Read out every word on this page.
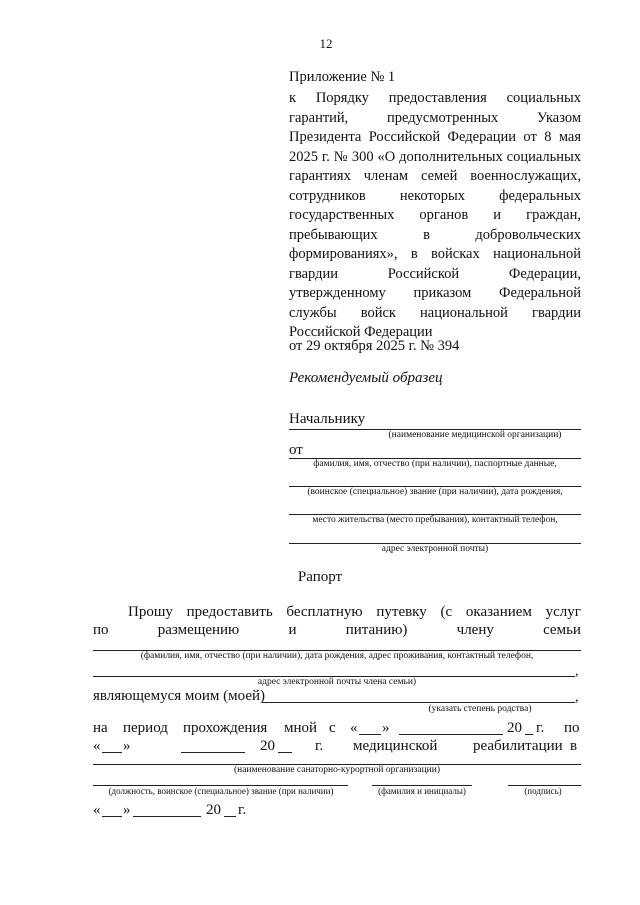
12
Приложение № 1
к Порядку предоставления социальных гарантий, предусмотренных Указом Президента Российской Федерации от 8 мая 2025 г. № 300 «О дополнительных социальных гарантиях членам семей военнослужащих, сотрудников некоторых федеральных государственных органов и граждан, пребывающих в добровольческих формированиях», в войсках национальной гвардии Российской Федерации, утвержденному приказом Федеральной службы войск национальной гвардии Российской Федерации
от 29 октября 2025 г. № 394
Рекомендуемый образец
Начальнику
(наименование медицинской организации)
от
фамилия, имя, отчество (при наличии), паспортные данные,
(воинское (специальное) звание (при наличии), дата рождения,
место жительства (место пребывания), контактный телефон,
адрес электронной почты)
Рапорт
Прошу предоставить бесплатную путевку (с оказанием услуг
по	размещению	и	питанию)	члену	семьи
(фамилия, имя, отчество (при наличии), дата рождения, адрес проживания, контактный телефон,
,
адрес электронной почты члена семьи)
являющемуся моим (моей)	,
(указать степень родства)
на период прохождения мной с « »	20 г. по
« »	20	г. медицинской реабилитации в
(наименование санаторно-курортной организации)
(должность, воинское (специальное) звание (при наличии)	(фамилия и инициалы)	(подпись)
« »	20 г.
